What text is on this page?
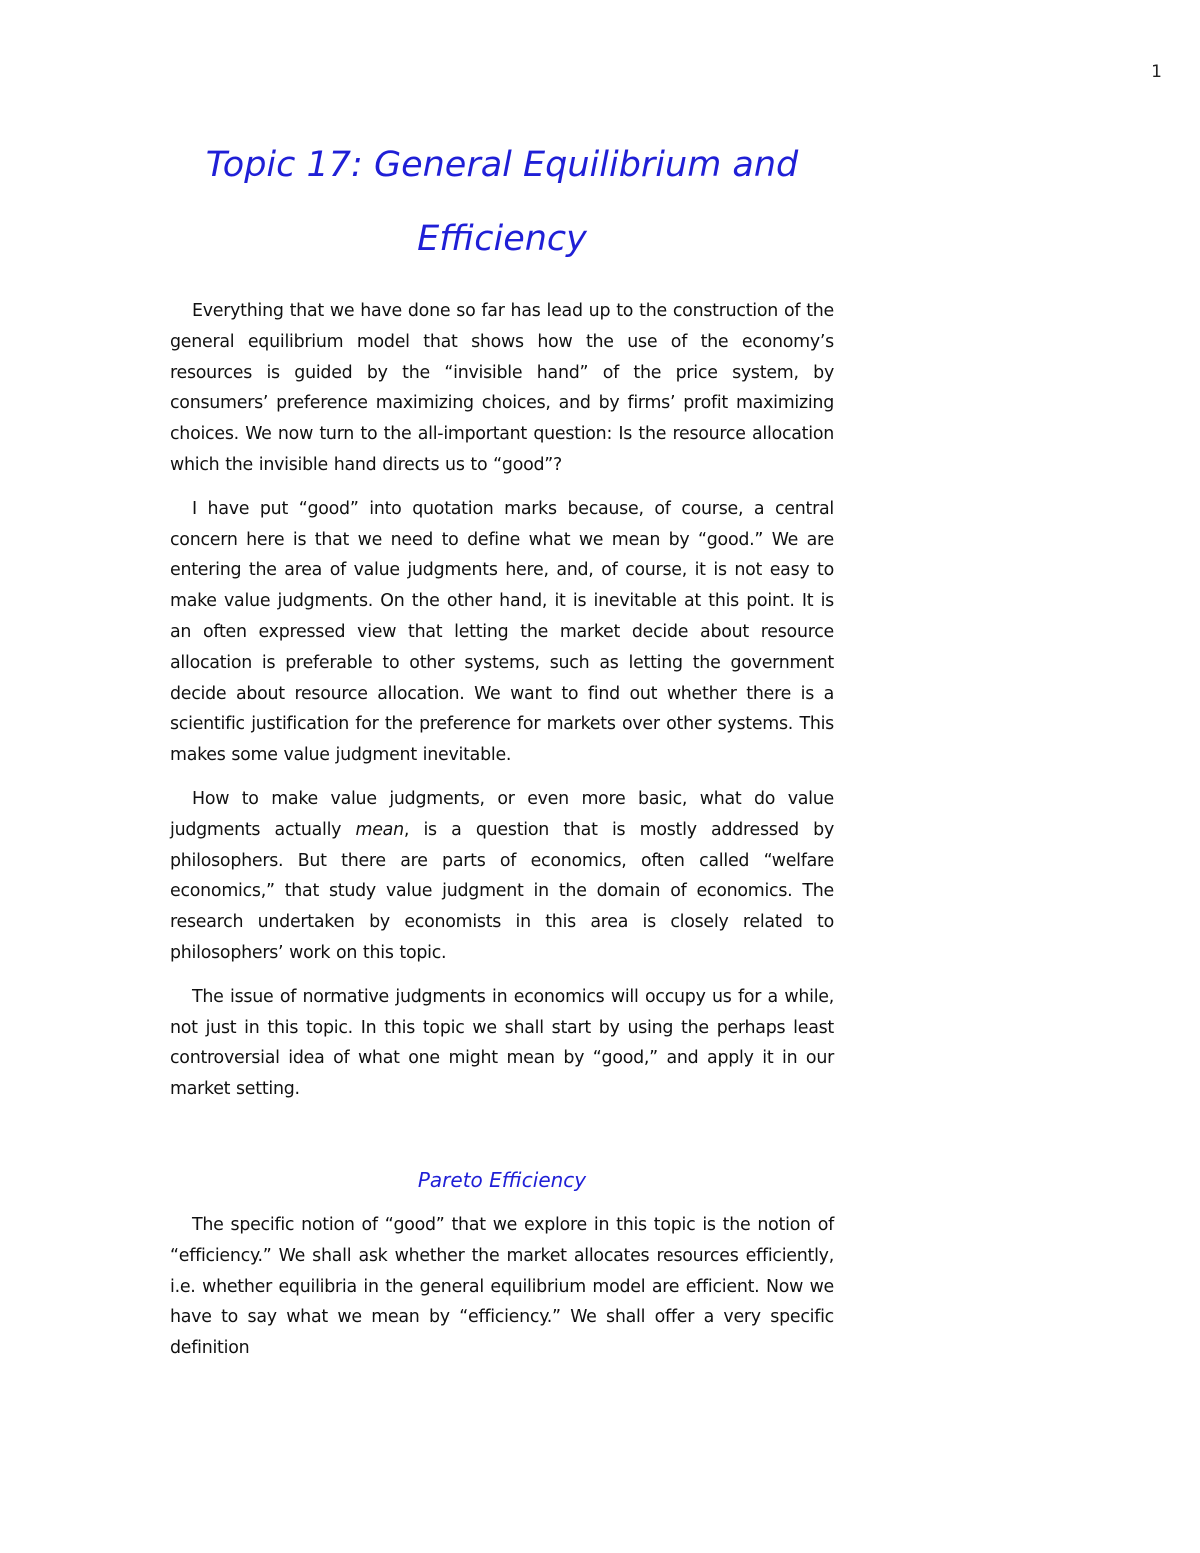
1
Topic 17: General Equilibrium and Efficiency

Everything that we have done so far has lead up to the construction of the general equilibrium model that shows how the use of the economy’s resources is guided by the “invisible hand” of the price system, by consumers’ preference maximizing choices, and by firms’ profit maximizing choices. We now turn to the all-important question: Is the resource allocation which the invisible hand directs us to “good”?

I have put “good” into quotation marks because, of course, a central concern here is that we need to define what we mean by “good.” We are entering the area of value judgments here, and, of course, it is not easy to make value judgments. On the other hand, it is inevitable at this point. It is an often expressed view that letting the market decide about resource allocation is preferable to other systems, such as letting the government decide about resource allocation. We want to find out whether there is a scientific justification for the preference for markets over other systems. This makes some value judgment inevitable.

How to make value judgments, or even more basic, what do value judgments actually mean, is a question that is mostly addressed by philosophers. But there are parts of economics, often called “welfare economics,” that study value judgment in the domain of economics. The research undertaken by economists in this area is closely related to philosophers’ work on this topic.

The issue of normative judgments in economics will occupy us for a while, not just in this topic. In this topic we shall start by using the perhaps least controversial idea of what one might mean by “good,” and apply it in our market setting.

Pareto Efficiency

The specific notion of “good” that we explore in this topic is the notion of “efficiency.” We shall ask whether the market allocates resources efficiently, i.e. whether equilibria in the general equilibrium model are efficient. Now we have to say what we mean by “efficiency.” We shall offer a very specific definition
